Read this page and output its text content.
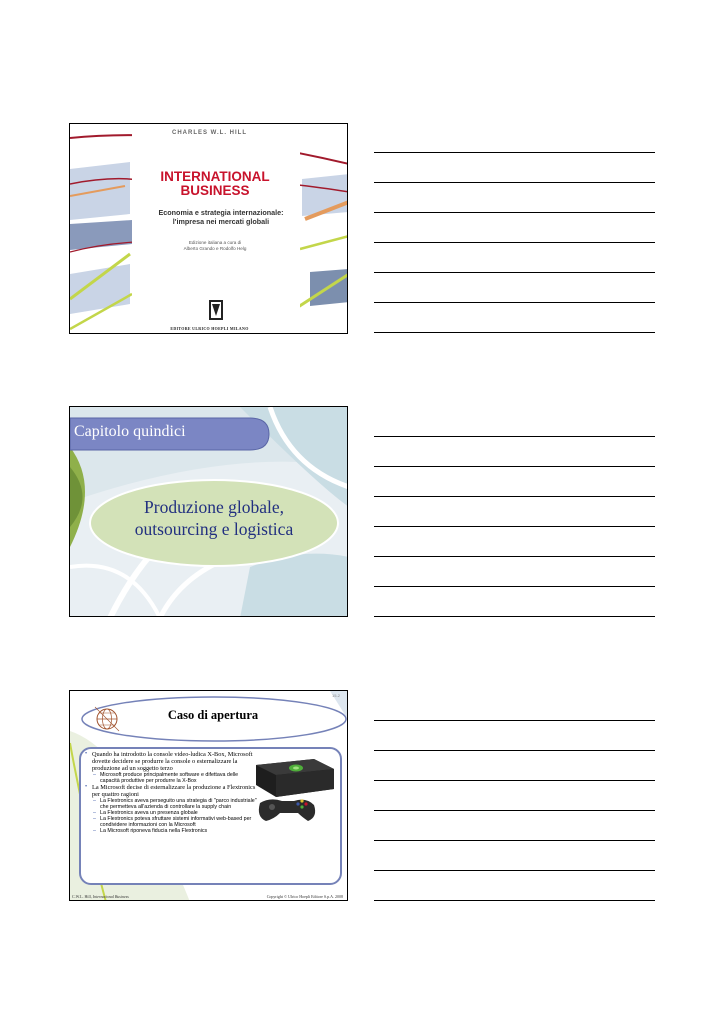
CHARLES W.L. HILL
INTERNATIONAL
BUSINESS
Economia e strategia internazionale:
l'impresa nei mercati globali
Edizione italiana a cura di
Alberto Grando e Rodolfo Helg
EDITORE ULRICO HOEPLI MILANO
Capitolo quindici
Produzione globale,
outsourcing e logistica
15-2
Caso di apertura
• Quando ha introdotto la console video-ludica X-Box, Microsoft dovette decidere se produrre la console o esternalizzare la produzione ad un soggetto terzo
– Microsoft produce principalmente software e difettava delle capacità produttive per produrre la X-Box
• La Microsoft decise di esternalizzare la produzione a Flextronics per quattro ragioni
– La Flextronics aveva perseguito una strategia di "parco industriale" che permetteva all'azienda di controllare la supply chain
– La Flextronics aveva un presenza globale
– La Flextronics poteva sfruttare sistemi informativi web-based per condividere informazioni con la Microsoft
– La Microsoft riponeva fiducia nella Flextronics
C.W.L. Hill, International Business	Copyright © Ulrico Hoepli Editore S.p.A. 2008
